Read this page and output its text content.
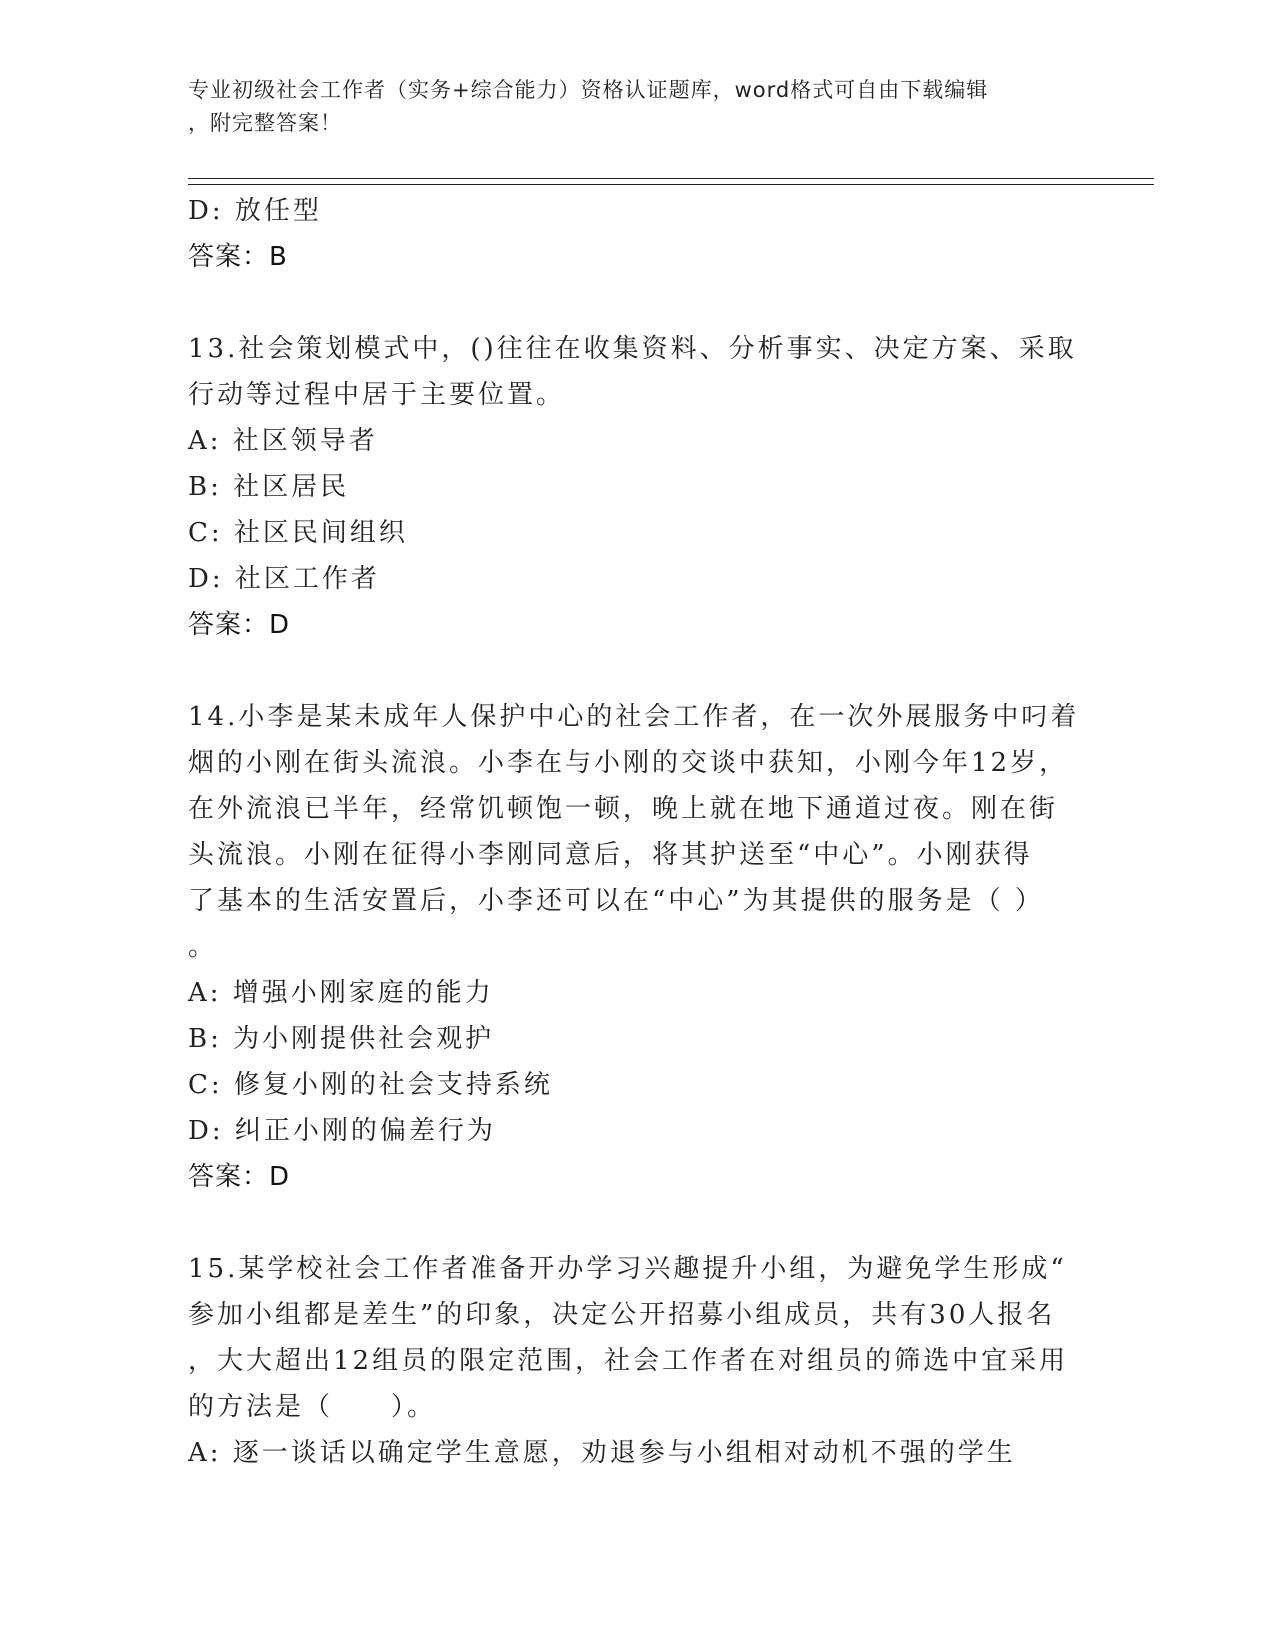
专业初级社会工作者（实务+综合能力）资格认证题库，word格式可自由下载编辑
，附完整答案！
D: 放任型
答案：B
13.社会策划模式中，()往往在收集资料、分析事实、决定方案、采取
行动等过程中居于主要位置。
A: 社区领导者
B: 社区居民
C: 社区民间组织
D: 社区工作者
答案：D
14.小李是某未成年人保护中心的社会工作者，在一次外展服务中叼着
烟的小刚在街头流浪。小李在与小刚的交谈中获知，小刚今年12岁，
在外流浪已半年，经常饥顿饱一顿，晚上就在地下通道过夜。刚在街
头流浪。小刚在征得小李刚同意后，将其护送至“中心”。小刚获得
了基本的生活安置后，小李还可以在“中心”为其提供的服务是（ ）
。
A: 增强小刚家庭的能力
B: 为小刚提供社会观护
C: 修复小刚的社会支持系统
D: 纠正小刚的偏差行为
答案：D
15.某学校社会工作者准备开办学习兴趣提升小组，为避免学生形成“
参加小组都是差生”的印象，决定公开招募小组成员，共有30人报名
，大大超出12组员的限定范围，社会工作者在对组员的筛选中宜采用
的方法是（　　）。
A: 逐一谈话以确定学生意愿，劝退参与小组相对动机不强的学生
